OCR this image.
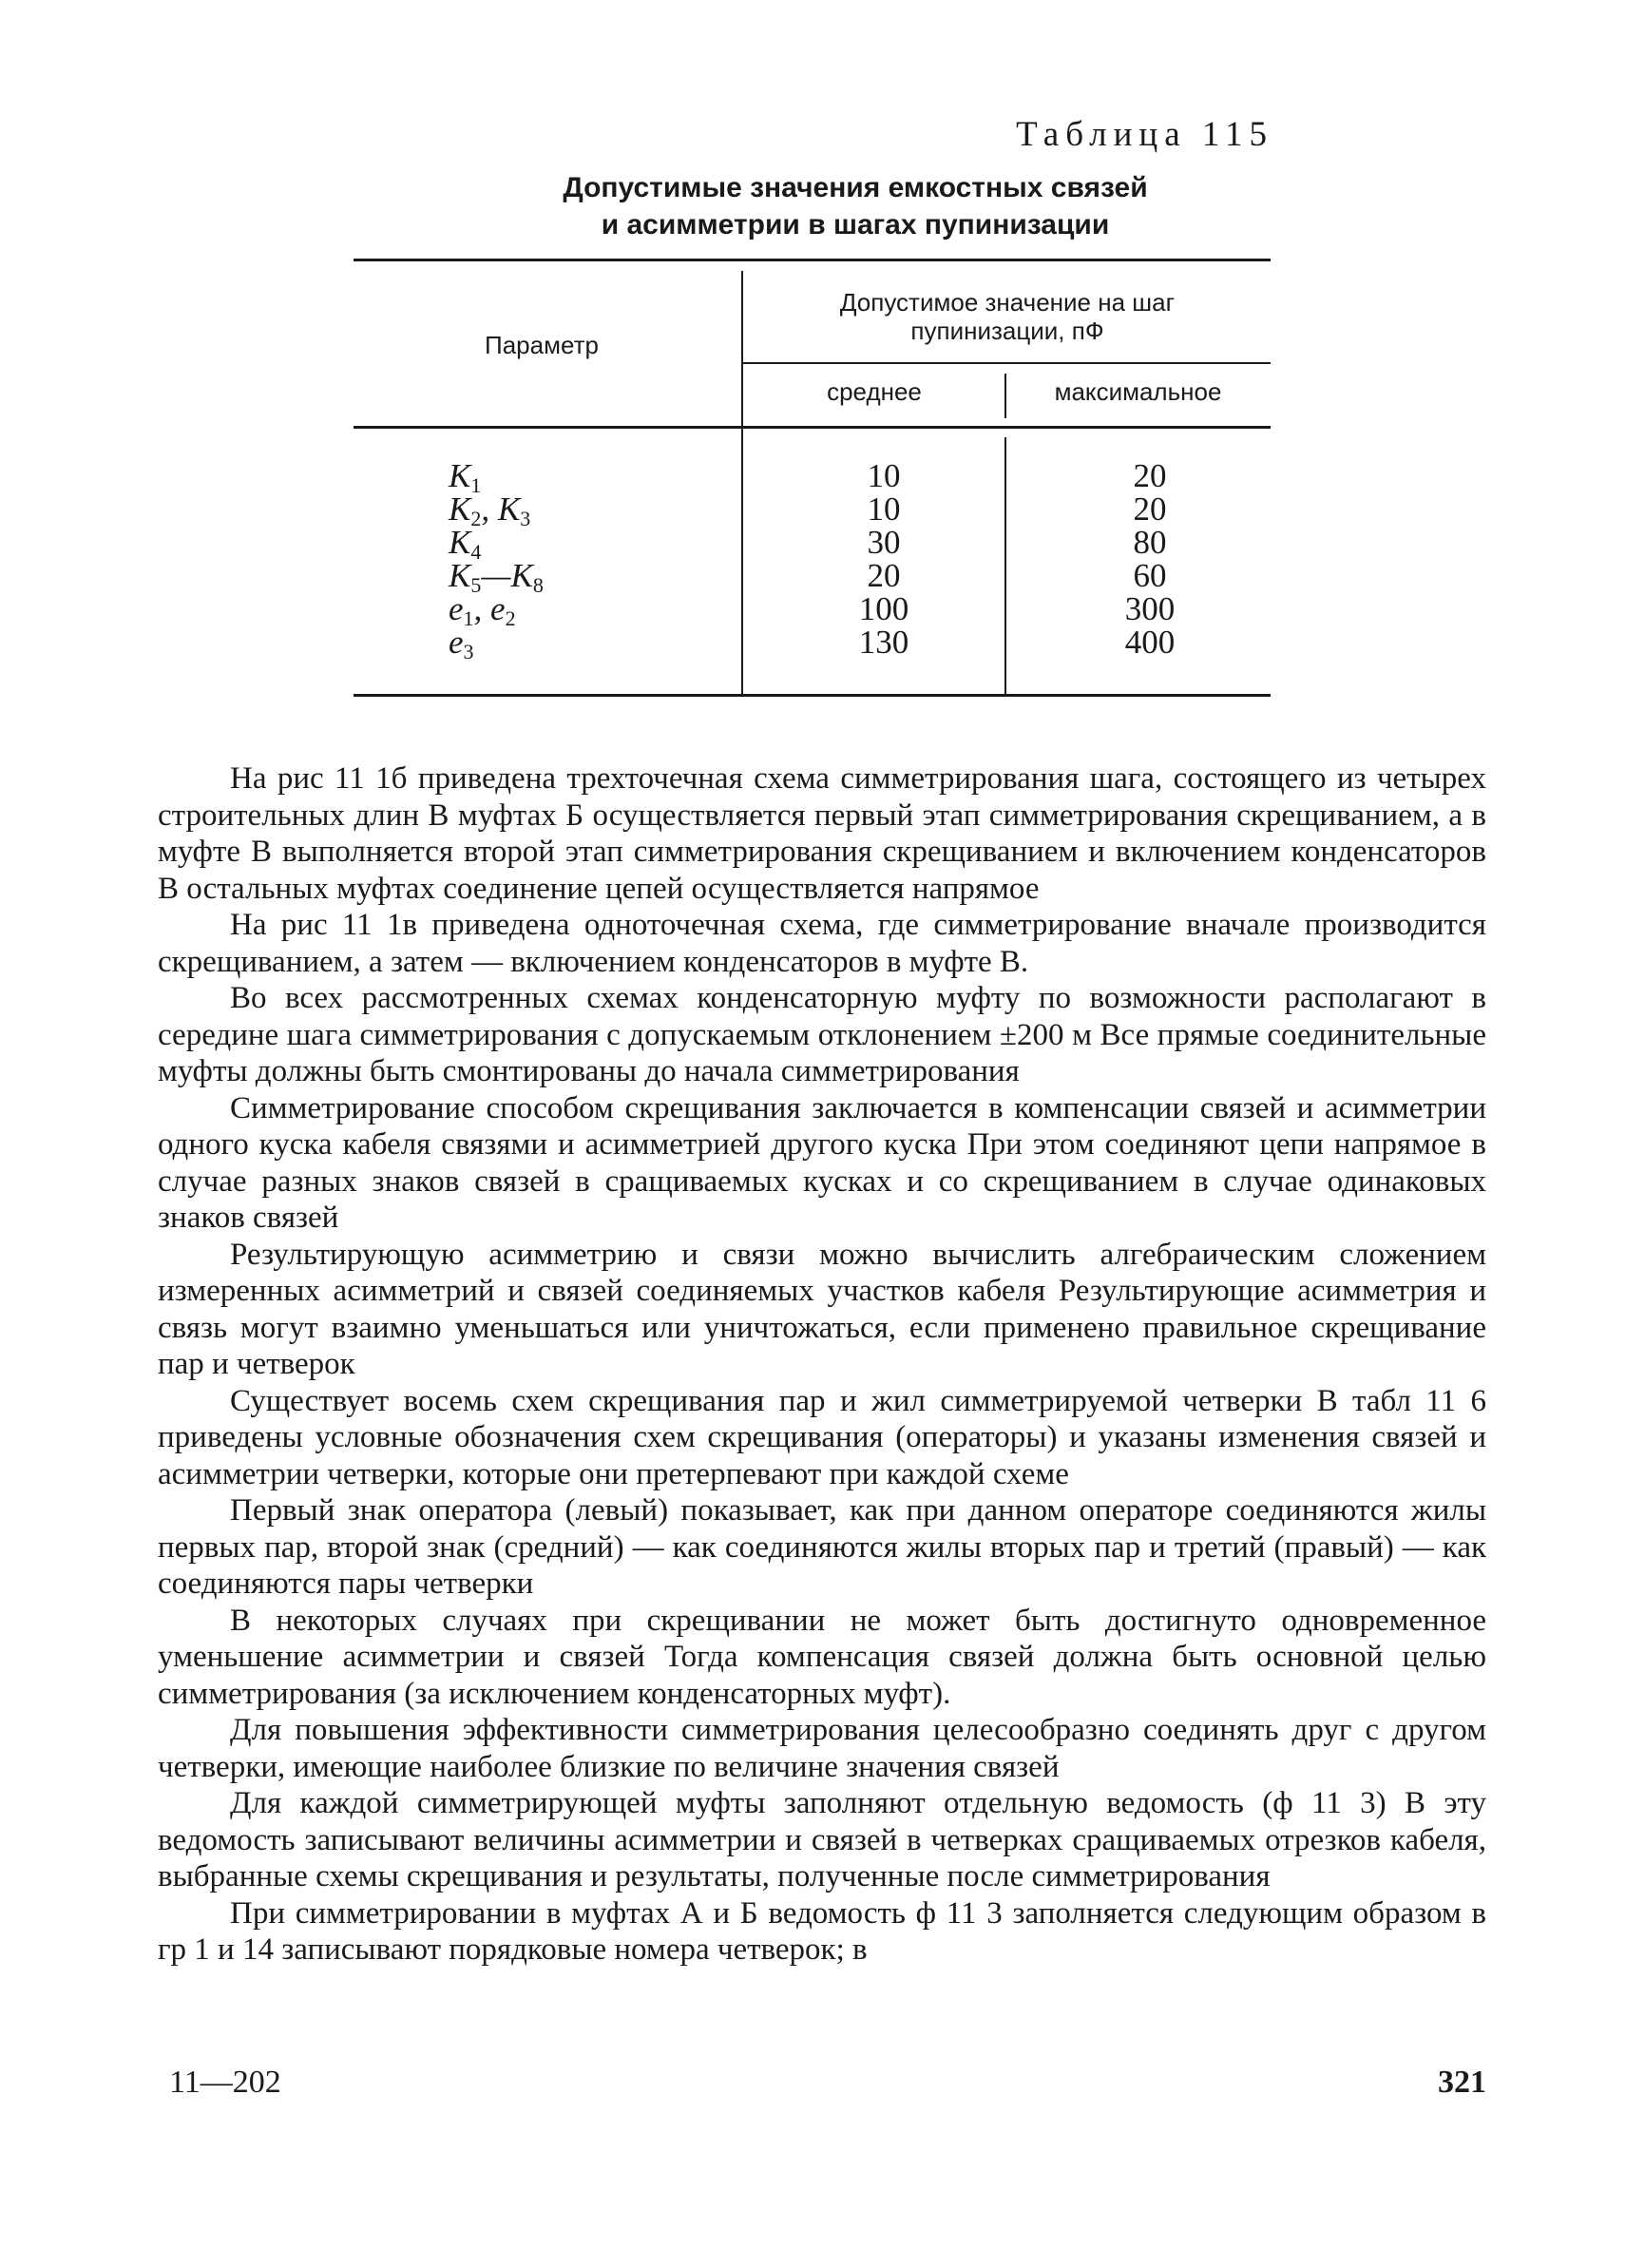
Таблица 115
Допустимые значения емкостных связей
и асимметрии в шагах пупинизации
Параметр
Допустимое значение на шаг
пупинизации, пФ
среднее	максимальное
$K_1$
$K_2$, $K_3$
$K_4$
$K_5—K_8$
$e_1$, $e_2$
$e_3$
10
10
30
20
100
130
20
20
80
60
300
400

На рис 11 1б приведена трехточечная схема симметрирования шага, состоящего из четырех строительных длин В муфтах Б осуществляется первый этап симметрирования скрещиванием, а в муфте В выполняется второй этап симметрирования скрещиванием и включением конденсаторов В остальных муфтах соединение цепей осуществляется напрямое

На рис 11 1в приведена одноточечная схема, где симметрирование вначале производится скрещиванием, а затем — включением конденсаторов в муфте В.

Во всех рассмотренных схемах конденсаторную муфту по возможности располагают в середине шага симметрирования с допускаемым отклонением ±200 м Все прямые соединительные муфты должны быть смонтированы до начала симметрирования

Симметрирование способом скрещивания заключается в компенсации связей и асимметрии одного куска кабеля связями и асимметрией другого куска При этом соединяют цепи напрямое в случае разных знаков связей в сращиваемых кусках и со скрещиванием в случае одинаковых знаков связей

Результирующую асимметрию и связи можно вычислить алгебраическим сложением измеренных асимметрий и связей соединяемых участков кабеля Результирующие асимметрия и связь могут взаимно уменьшаться или уничтожаться, если применено правильное скрещивание пар и четверок

Существует восемь схем скрещивания пар и жил симметрируемой четверки В табл 11 6 приведены условные обозначения схем скрещивания (операторы) и указаны изменения связей и асимметрии четверки, которые они претерпевают при каждой схеме

Первый знак оператора (левый) показывает, как при данном операторе соединяются жилы первых пар, второй знак (средний) — как соединяются жилы вторых пар и третий (правый) — как соединяются пары четверки

В некоторых случаях при скрещивании не может быть достигнуто одновременное уменьшение асимметрии и связей Тогда компенсация связей должна быть основной целью симметрирования (за исключением конденсаторных муфт).

Для повышения эффективности симметрирования целесообразно соединять друг с другом четверки, имеющие наиболее близкие по величине значения связей

Для каждой симметрирующей муфты заполняют отдельную ведомость (ф 11 3) В эту ведомость записывают величины асимметрии и связей в четверках сращиваемых отрезков кабеля, выбранные схемы скрещивания и результаты, полученные после симметрирования

При симметрировании в муфтах А и Б ведомость ф 11 3 заполняется следующим образом в гр 1 и 14 записывают порядковые номера четверок; в

11—202	321
